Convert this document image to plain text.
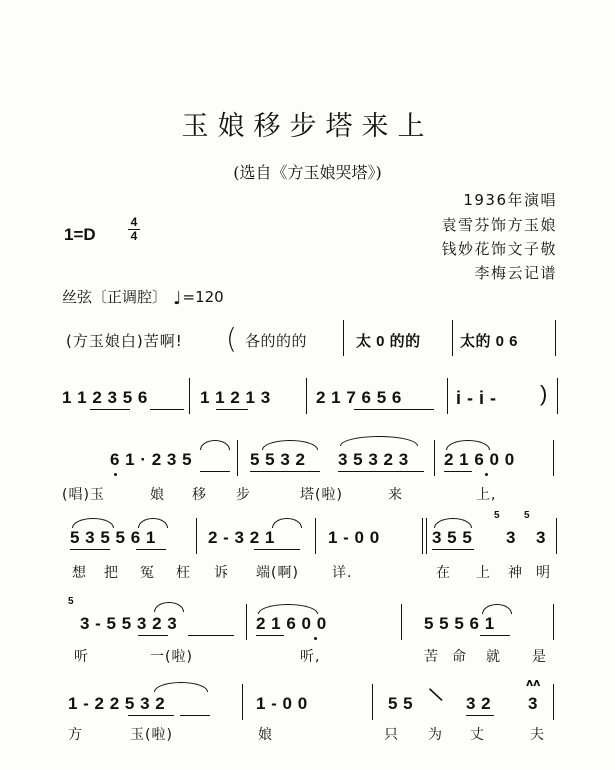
玉娘移步塔来上
(选自《方玉娘哭塔》)
1936年演唱
袁雪芬饰方玉娘
钱妙花饰文子敬
李梅云记谱
1=D
4
4
丝弦〔正调腔〕 ♩=120
(方玉娘白)苦啊! ( 各的的的	太 0 的的	太的 0 6
1 1 2 3 5 6	1 1 2 1 3	2 1 7 6 5 6	i - i - )
6 1 · 2 3 5	5 5 3 2 3 5 3 2 3 2 1 6 0 0
(唱)玉	娘 移 步	塔(啦)	来	上,
5 3 5 5 6 1	2 - 3 2 1	1 - 0 0	3 5 5
5
3
5
3
想 把 冤 枉 诉 端(啊) 详.	在 上 神 明
5
3 - 5 5 3 2 3	2 1 6 0 0	5 5 5 6 1
听	一(啦)	听,	苦 命 就 是
1 - 2 2 5 3 2	1 - 0 0	5 5 \ 3 2
ʌʌ
3
方	玉(啦)	娘	只 为 丈	夫
